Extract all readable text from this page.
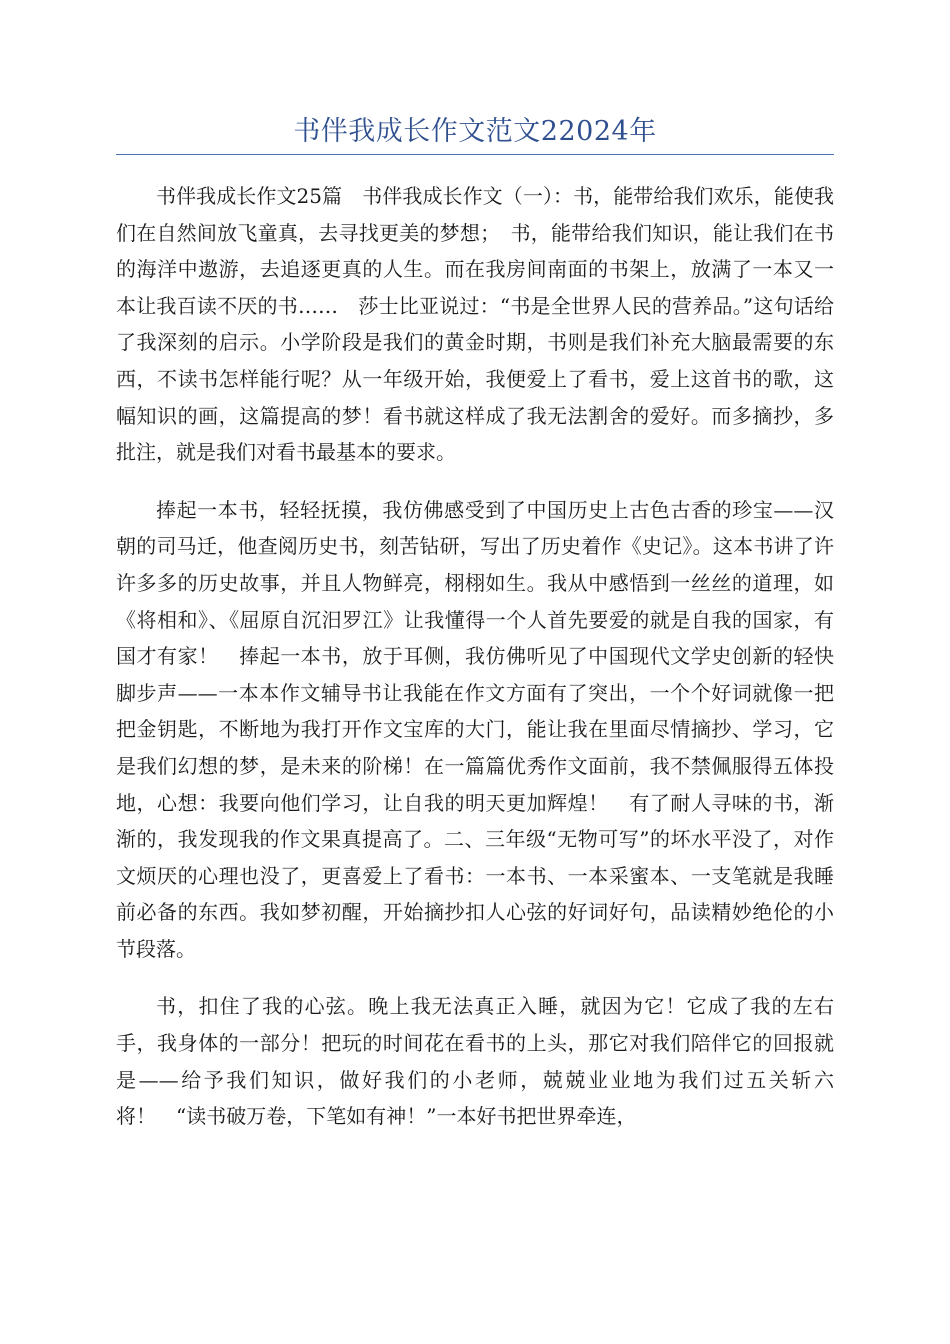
书伴我成长作文范文22024年

书伴我成长作文25篇　书伴我成长作文（一）：书，能带给我们欢乐，能使我们在自然间放飞童真，去寻找更美的梦想；　书，能带给我们知识，能让我们在书的海洋中遨游，去追逐更真的人生。而在我房间南面的书架上，放满了一本又一本让我百读不厌的书……　莎士比亚说过：“书是全世界人民的营养品。”这句话给了我深刻的启示。小学阶段是我们的黄金时期，书则是我们补充大脑最需要的东西，不读书怎样能行呢？从一年级开始，我便爱上了看书，爱上这首书的歌，这幅知识的画，这篇提高的梦！看书就这样成了我无法割舍的爱好。而多摘抄，多批注，就是我们对看书最基本的要求。

捧起一本书，轻轻抚摸，我仿佛感受到了中国历史上古色古香的珍宝——汉朝的司马迁，他查阅历史书，刻苦钻研，写出了历史着作《史记》。这本书讲了许许多多的历史故事，并且人物鲜亮，栩栩如生。我从中感悟到一丝丝的道理，如《将相和》、《屈原自沉汨罗江》让我懂得一个人首先要爱的就是自我的国家，有国才有家！　捧起一本书，放于耳侧，我仿佛听见了中国现代文学史创新的轻快脚步声——一本本作文辅导书让我能在作文方面有了突出，一个个好词就像一把把金钥匙，不断地为我打开作文宝库的大门，能让我在里面尽情摘抄、学习，它是我们幻想的梦，是未来的阶梯！在一篇篇优秀作文面前，我不禁佩服得五体投地，心想：我要向他们学习，让自我的明天更加辉煌！　有了耐人寻味的书，渐渐的，我发现我的作文果真提高了。二、三年级“无物可写”的坏水平没了，对作文烦厌的心理也没了，更喜爱上了看书：一本书、一本采蜜本、一支笔就是我睡前必备的东西。我如梦初醒，开始摘抄扣人心弦的好词好句，品读精妙绝伦的小节段落。

书，扣住了我的心弦。晚上我无法真正入睡，就因为它！它成了我的左右手，我身体的一部分！把玩的时间花在看书的上头，那它对我们陪伴它的回报就是——给予我们知识，做好我们的小老师，兢兢业业地为我们过五关斩六将！　“读书破万卷，下笔如有神！”一本好书把世界牵连，
